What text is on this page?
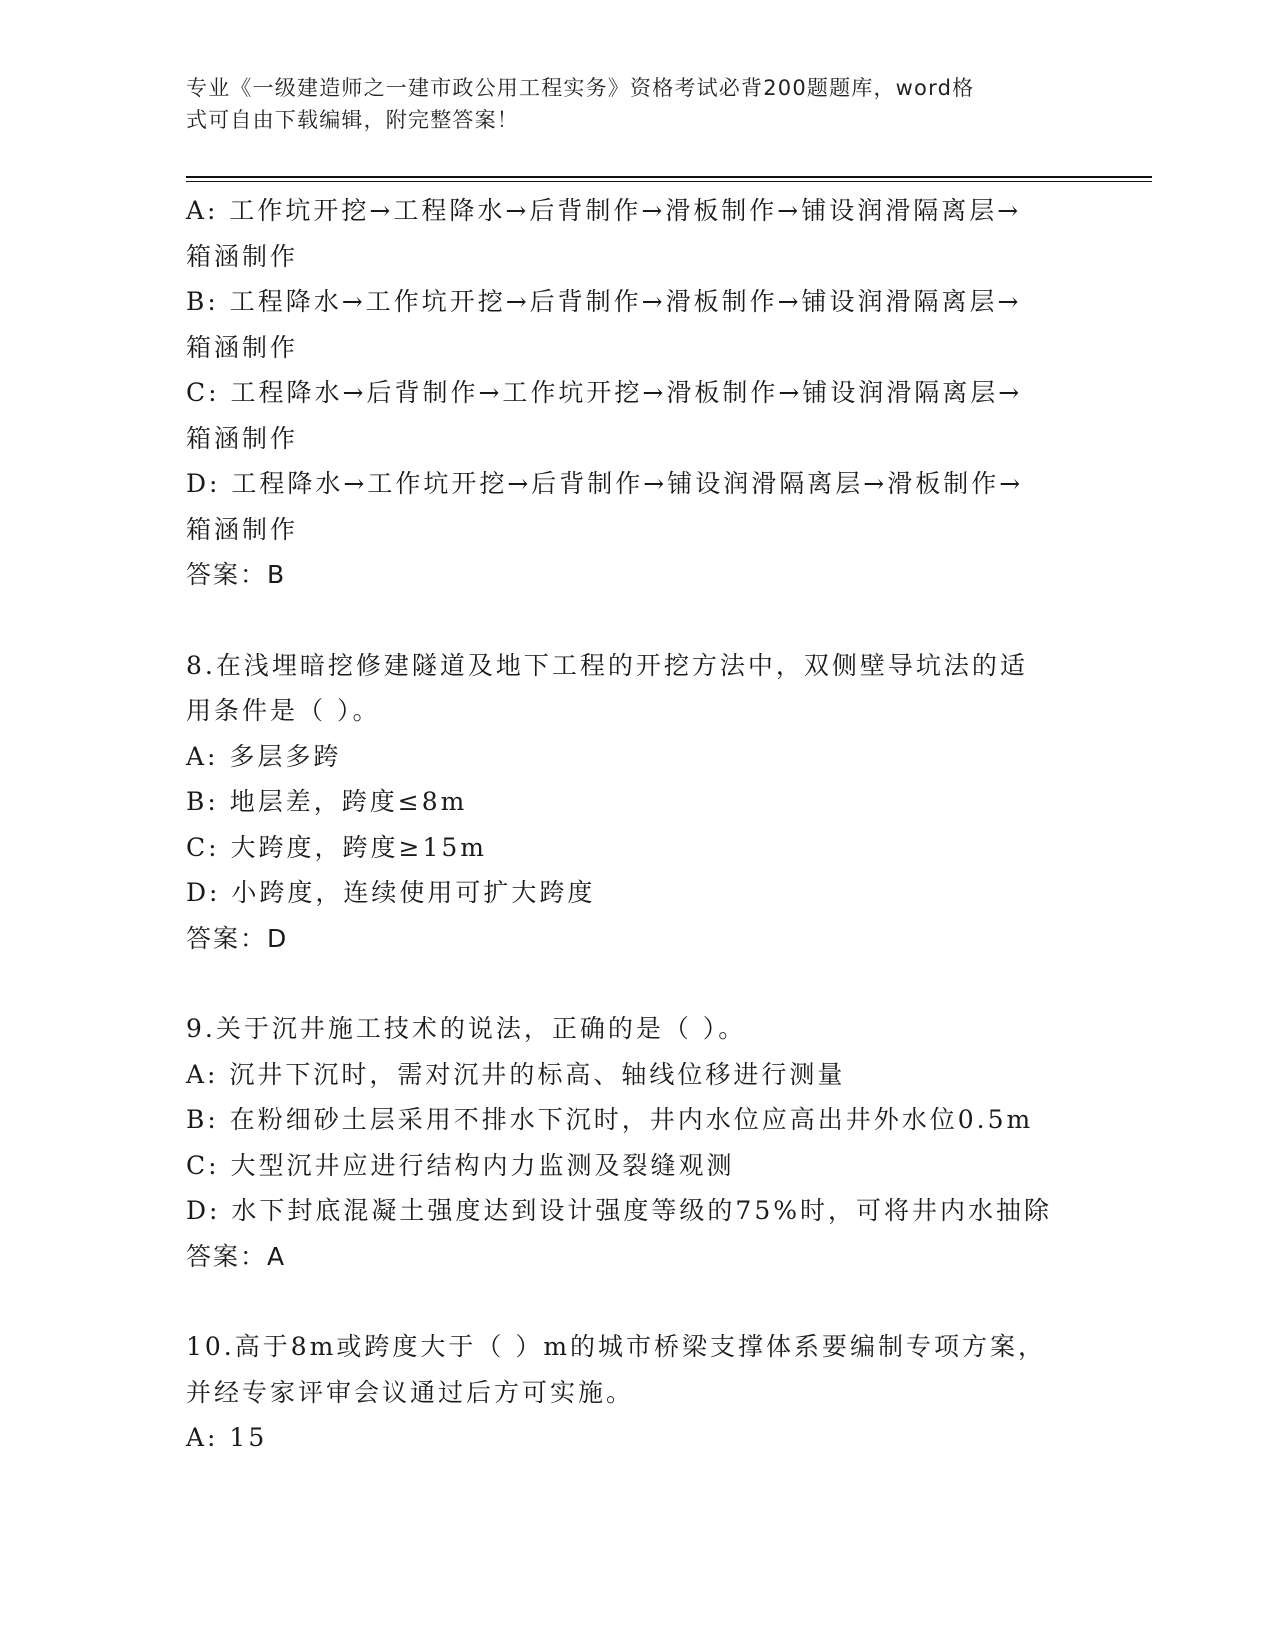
专业《一级建造师之一建市政公用工程实务》资格考试必背200题题库，word格
式可自由下载编辑，附完整答案！
A: 工作坑开挖→工程降水→后背制作→滑板制作→铺设润滑隔离层→
箱涵制作
B: 工程降水→工作坑开挖→后背制作→滑板制作→铺设润滑隔离层→
箱涵制作
C: 工程降水→后背制作→工作坑开挖→滑板制作→铺设润滑隔离层→
箱涵制作
D: 工程降水→工作坑开挖→后背制作→铺设润滑隔离层→滑板制作→
箱涵制作
答案：B
8.在浅埋暗挖修建隧道及地下工程的开挖方法中，双侧壁导坑法的适
用条件是（ ）。
A: 多层多跨
B: 地层差，跨度≤8m
C: 大跨度，跨度≥15m
D: 小跨度，连续使用可扩大跨度
答案：D
9.关于沉井施工技术的说法，正确的是（ ）。
A: 沉井下沉时，需对沉井的标高、轴线位移进行测量
B: 在粉细砂土层采用不排水下沉时，井内水位应高出井外水位0.5m
C: 大型沉井应进行结构内力监测及裂缝观测
D: 水下封底混凝土强度达到设计强度等级的75%时，可将井内水抽除
答案：A
10.高于8m或跨度大于（ ）m的城市桥梁支撑体系要编制专项方案，
并经专家评审会议通过后方可实施。
A: 15
